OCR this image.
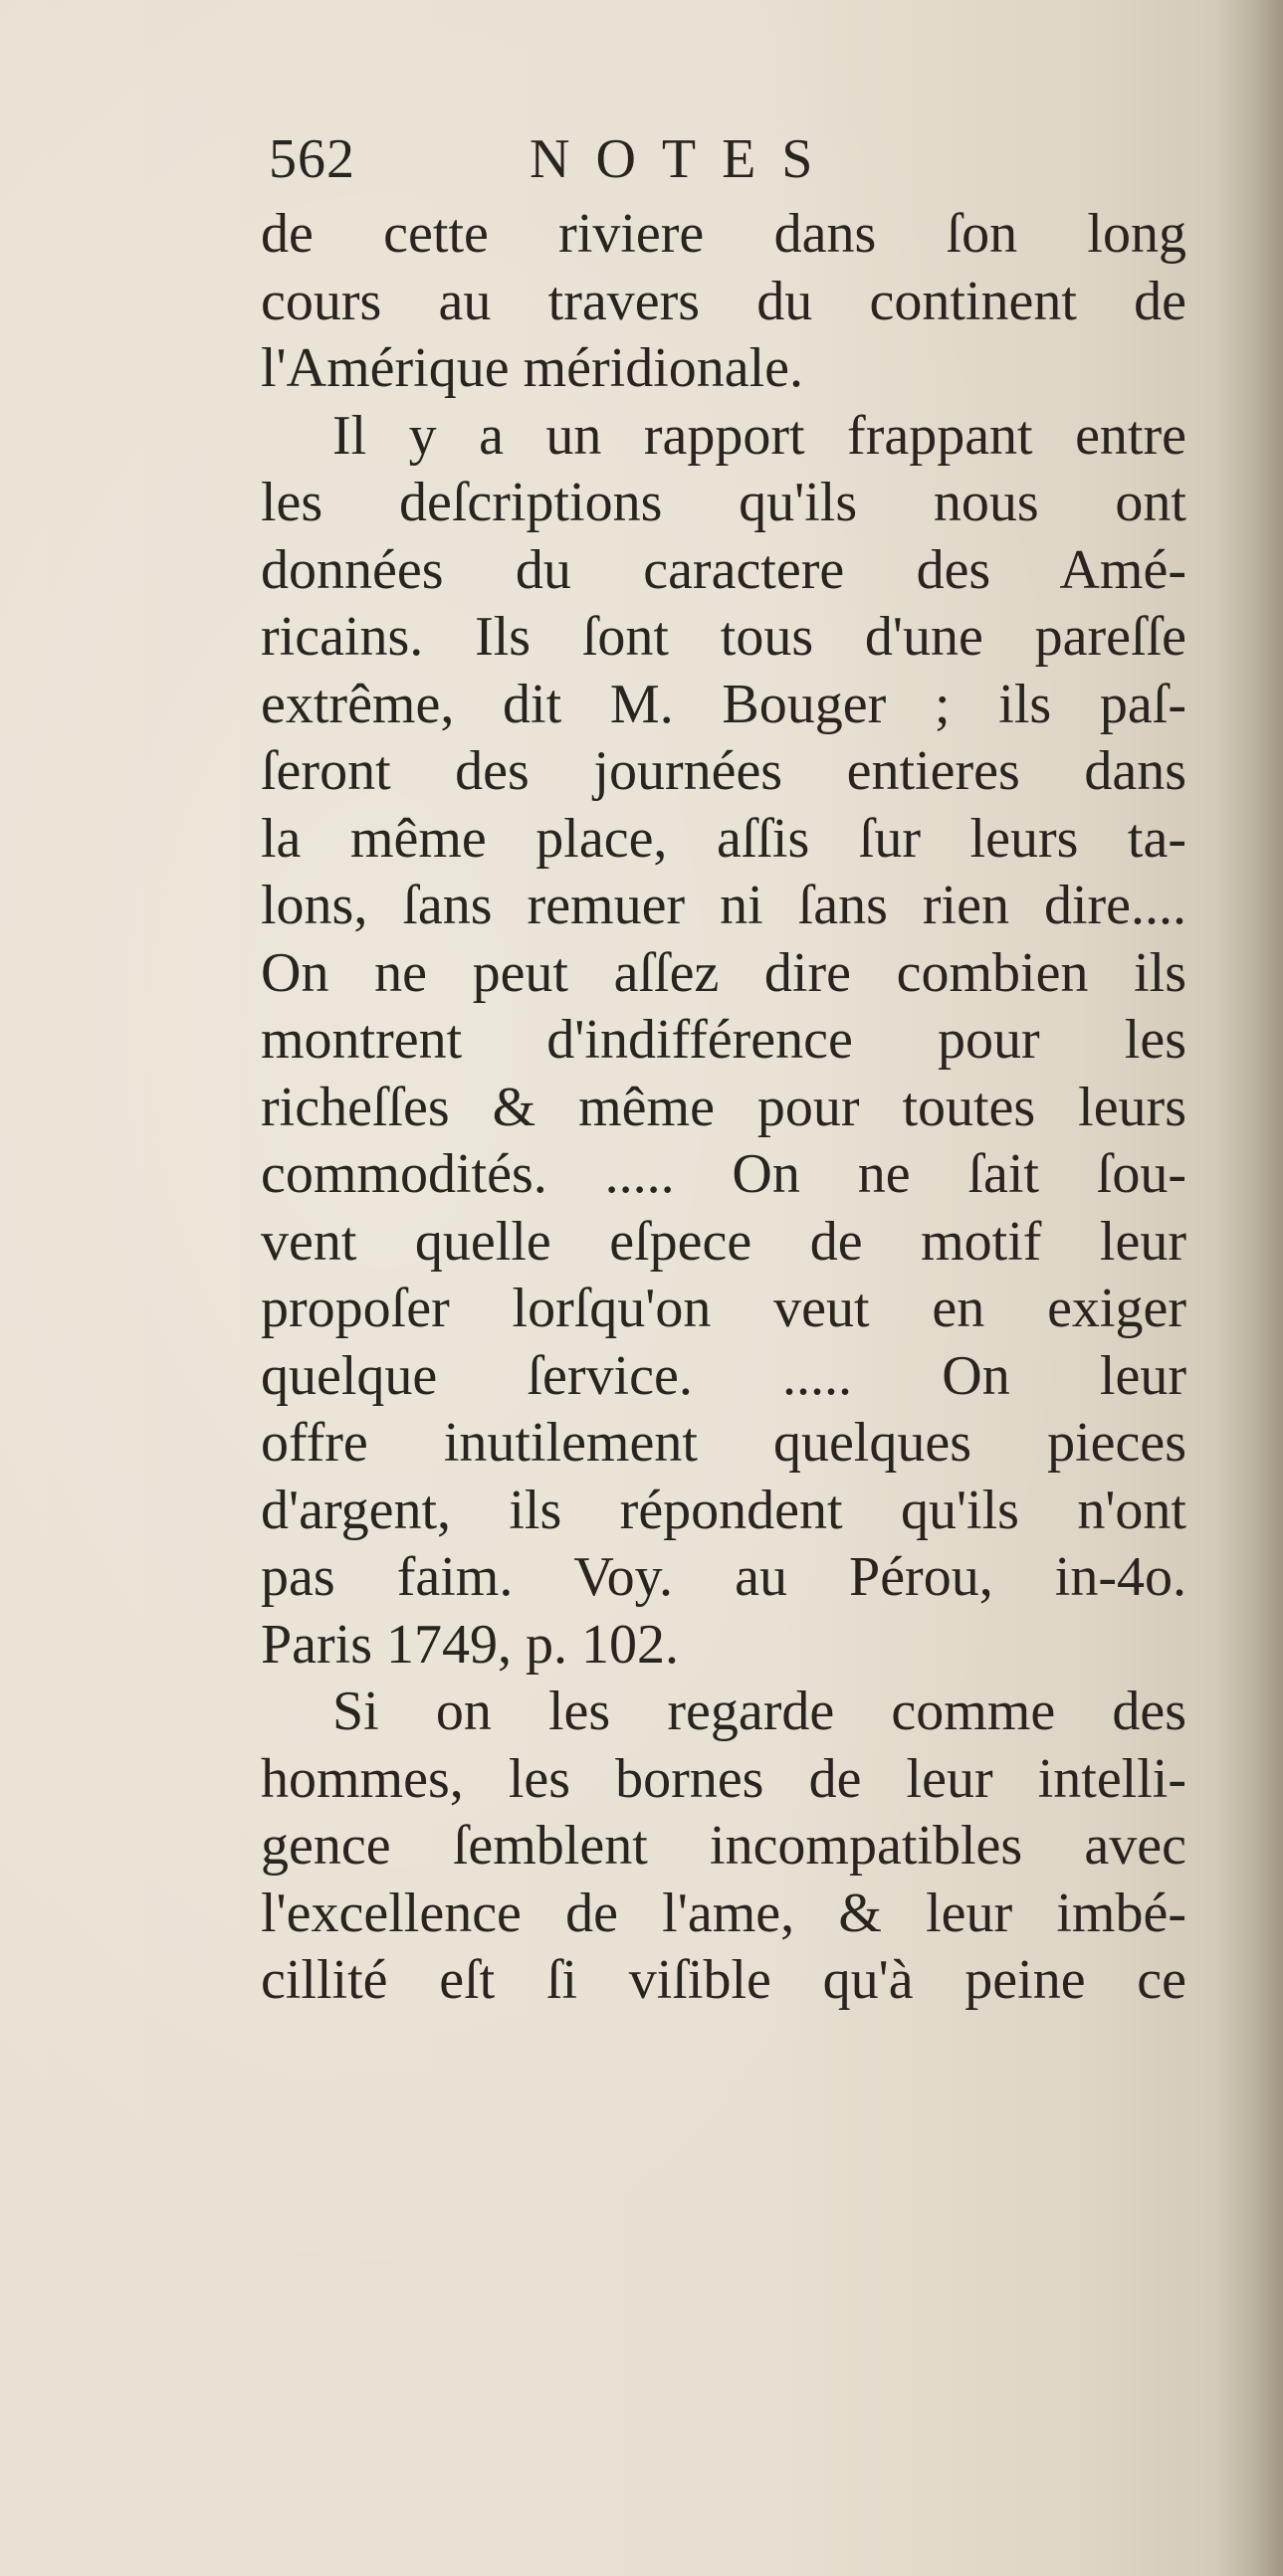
562	NOTES
de cette riviere dans ſon long
cours au travers du continent de
l'Amérique méridionale.
Il y a un rapport frappant entre
les deſcriptions qu'ils nous ont
données du caractere des Amé-
ricains. Ils ſont tous d'une pareſſe
extrême, dit M. Bouger ; ils paſ-
ſeront des journées entieres dans
la même place, aſſis ſur leurs ta-
lons, ſans remuer ni ſans rien dire....
On ne peut aſſez dire combien ils
montrent d'indifférence pour les
richeſſes & même pour toutes leurs
commodités. ..... On ne ſait ſou-
vent quelle eſpece de motif leur
propoſer lorſqu'on veut en exiger
quelque ſervice. ..... On leur
offre inutilement quelques pieces
d'argent, ils répondent qu'ils n'ont
pas faim. Voy. au Pérou, in-4o.
Paris 1749, p. 102.
Si on les regarde comme des
hommes, les bornes de leur intelli-
gence ſemblent incompatibles avec
l'excellence de l'ame, & leur imbé-
cillité eſt ſi viſible qu'à peine ce
